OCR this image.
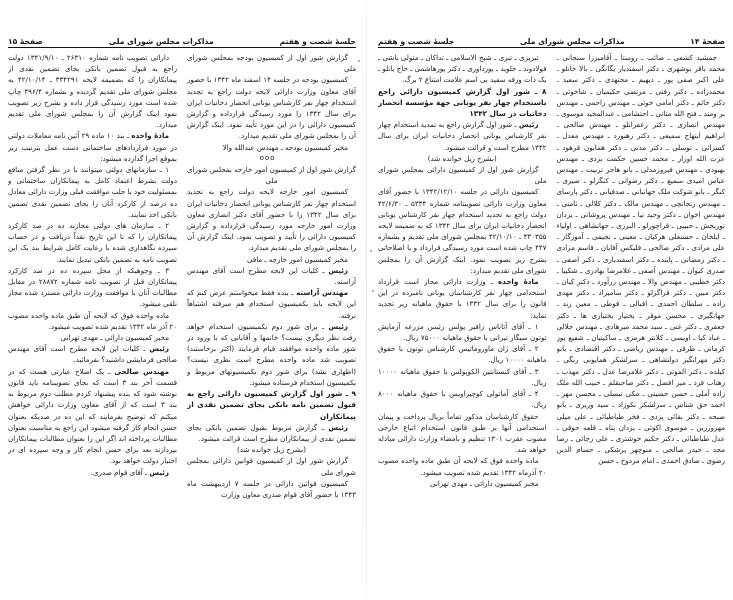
صفحهٔ ۱۵	مذاکرات مجلس شورای ملی	جلسهٔ شصت و هفتم

گزارش شور اول از کمیسیون بودجه بمجلس شورای ملی

کمیسیون بودجه در جلسه ۱۴ اسفند ماه ۱۳۴۲ با حضور آقای معاون وزارت دارائی لایحه دولت راجع به تجدید استخدام چهار نفر کارشناس یونانی انحصار دخانیات ایران برای سال ۱۳۴۲ را مورد رسیدگی قرارداده و گزارش کمیسیون دارائی را در این مورد تأیید نمود. اینک گزارش آن را بمجلس شورای ملی تقدیم میدارد.

مخبر کمیسیون بودجه ـ مهندس عبدالله والا

ooo

گزارش شور اول از کمیسیون امور خارجه بمجلس شورای ملی

کمیسیون امور خارجه لایحه دولت راجع به تجدید استخدام چهار نفر کارشناس یونانی انحصار دخانیات ایران برای سال ۱۳۴۲ را با حضور آقای دکتر انصاری معاون وزارت امور خارجه مورد رسیدگی قرارداده و گزارش کمیسیون دارائی را تأیید و تصویب نمود. اینک گزارش آن را بمجلس شورای ملی تقدیم میدارد.

مخبر کمیسیون امور خارجه ـ مافی

رئیس ـ کلیات این لایحه مطرح است آقای مهندس آراسته.

مهندس آراسته ـ بنده فقط میخواستم عرض کنم که این لایحه باید بکمیسیون استخدام هم میرفته اشتباهاً نرفته.

رئیس ـ برای شور دوم بکمیسیون استخدام خواهد رفت نظر دیگری نیست؟ خانمها و آقایانی که با ورود در شور ماده واحده موافقند قیام فرمایند (اکثر برخاستند) تصویب شد ماده واحده مطرح است نظری نیست؟ (اظهاری نشد) برای شور دوم بکمیسیونهای مربوط و بکمیسیون استخدام فرستاده میشود.

۹ ـ شور اول گزارش کمیسیون دارائی راجع به قبول تضمین نامه بانکی بجای تضمین نقدی از پیمانکاران

رئیس ـ گزارش مربوط بقبول تضمین بانکی بجای تضمین نقدی از پیمانکاران مطرح است قرائت میشود.

(بشرح زیل خوانده شد)

گزارش شور اول از کمیسیون قوانین دارائی بمجلس شورای ملی

کمیسیون قوانین دارائی در جلسه ۷ اردیبهشت ماه ۱۳۴۳ با حضور آقای قوام صدری معاون وزارت

دارائی تصویب نامه شماره ۲۶۳۱۰ ـ ۱۳۴۱/۹/۱۰ دولت راجع به قبول تضمین بانکی بجای تضمین نقدی از پیمانکاران را که بضمیمه لایحه ۳۳۴۲۹۱ ـ ۴۲/۱۰/۱۴ به مجلس شورای ملی تقدیم گردیده و بشماره ۴۹۶/۴ چاپ شده است مورد رسیدگی قرار داده و بشرح زیر تصویب نمود اینک گزارش آن را بمجلس شورای ملی تقدیم میدارد.

مادهٔ واحده ـ بند ۱۰ ماده ۲۹ آئین نامه معاملات دولتی در مورد قراردادهای ساختمانی دست عمل بترتیب زیر بموقع اجرا گذارده میشود:

۱ ـ سازمانهای دولتی میتوانند با در نظر گرفتن منافع دولت بشرط اعتماد کامل به پیمانکاران ساختمانی و بمسئولیت خود با جلب موافقت قبلی وزارت دارائی معادل ده درصد از کارکرد آنان را بجای تضمین نقدی تضمین بانکی اخذ نمایند.

۲ ـ سازمان های دولتی مجازند ده در صد کارکرد پیمانکاران را که تا این تاریخ نقداً دریافت و در حساب سپرده نگاهداری شده با رعایت کامل شرایط بند یک این تصویب نامه به تضمین بانکی تبدیل نمایند.

۳ ـ وجوهیکه از محل سپرده ده در صد کارکرد پیمانکاران قبل از تصویب نامه شماره ۲۸۸۷۲ در مقابل مطالبات آنان با موافقت وزارت دارائی مسترد شده مجاز تلقی میشود.

ماده واحده فوق که لایحه آن طبق ماده واحده مصوب ۲۰ آذر ماه ۱۳۴۲ تقدیم شده تصویب میشود.

مخبر کمیسیون دارائی ـ مهدی تهرانی

رئیس ـ کلیات این لایحه مطرح است آقای مهندس صالحی فرمایشی داشتید؟ بفرمائید.

مهندس صالحی ـ یک اصلاح عبارتی هست که در قسمت آخر بند ۳ است که بجای تصویبنامه باید قانون نوشته شود که بنده پیشنهاد کردم مطلب دوم مربوط به بند ۳ است که از آقای معاون وزارت دارائی خواهش میکنم که توضیح بفرمایند که این ده در صدیکه بعنوان حسن انجام کار گرفته میشود این راجع به متاسبت بعنوان مطالبات پرداخته اند اگر این را بعنوان مطالبات پیمانکاران بپردازند بعد برای حسن انجام کار و وجه سپرده ای در اختیار دولت خواهد بود.

رئیس ـ آقای قوام صدری.

جلسهٔ شصت و هفتم	مذاکرات مجلس شورای ملی	صفحهٔ ۱۴

جمشید کشفی ـ صائب ـ روستا ـ آقامیرزا سنجانی ـ محمد باقر بوشهری ـ دکتر اسفندیار یگانگی ـ بالا خانلو ـ علی اکبر صفی پور ـ دیهیم ـ مجتهدی ـ دکتر سعید ـ محمدزاده ـ دکتر رفتی ـ مرتضی حکیمیان ـ شاخوئی ـ دکتر حائم ـ دکتر امامی خوئی ـ مهندس راحمی ـ مهندس بر ومند ـ فتح الله متانی ـ احتشامی ـ عبدالمجید موسوی ـ مهندس انصاری ـ دکتر زعفرانلو ـ مهندس صالحی ـ ابراهیم ابتهاج سمیعی ـ دکتر رهنورد ـ مهندس معدل ـ کسرائی ـ توسلی ـ دکتر مدنی ـ دکتر همایون فرهود ـ عزت الله اوزار ـ محمد حسین حکمت یزدی ـ مهندس بهبودی ـ مهندس فیروزمدلی ـ بانو هاجر تربیت ـ مهندس عباس امیدی سمیع ـ دکتر رضوانی ـ کنگرلو ـ صیری ـ کنگر ـ بانو شوکت ملک جهانبانی ـ صدقیانی ـ دکتر پارسای ـ مهندس زنجانچی ـ مهندس مالک ـ دکتر کلالی ـ ثامنی ـ مهندس اخوان ـ دکتر وحید نیا ـ مهندس پروشانی ـ یزدان نوربخش ـ حبیبی ـ قراچورلو ـ البرزی ـ جهانشاهی ـ اولیاء ـ ایلخان ـ حسنعلی هرکیان ـ معینی ـ نجیمی ـ آموزگار ـ علی مرادی ـ دکتر صالحی ـ فلیکس آقایان ـ قاسم مرادی ـ دکتر رمضانی ـ پاینده ـ دکتر اسفندیاری ـ دکتر اصفی ـ صدری کیوان ـ مهندس آصفی ـ غلامرضا بهادری ـ شکیبا ـ دکتر خطیبی ـ مهندس والا ـ مهندس زرآورد ـ دکتر کیان ـ دکتر مبین ـ دکتر قراگزلو ـ دکتر سامیراد ـ دکتر مهدی زاده ـ سلطان احمدی ـ اقبالی ـ قوطی ـ معین زند ـ جهانگیری ـ محسن موقر ـ بختیار بختیاری ها ـ دکتر جعفری ـ دکتر غنی ـ سید محمد میرهادی ـ مهندس جلالی ـ عباد کیا ـ اویسی ـ کلانتر هرمزی ـ ساکینیان ـ شفیع پور کرمانی ـ طرقی ـ مهندس ریاضی ـ دکتر اقتصادی ـ بانو دکتر مهرانگیز دولتشاهی ـ سرلشکر همایونی ریگی ـ کیلده ـ دکتر الموتی ـ دکتر غلامرضا عدل ـ دکتر مهذب ـ زهتاب فرد ـ میر افضل ـ دکتر صاحبقلم ـ حبیب الله ملک زاده آملی ـ حسن حسینی ـ مکی تبسلی ـ محسن مهر ـ احمد حق شناس ـ سرلشکر نکوزاد ـ سید وزیری ـ بانو صبحه ـ دکتر بقائی یزدی ـ فخر طباطبائی ـ علی میلی مهرورزین ـ موسوی اکوئی ـ یزدان پناه ـ قلعه جوقی ـ عدل طباطبائی ـ دکتر حکیم خوشتری ـ علی رجائی ـ رضا مجد ـ حیدر صالحی ـ منوچهر پزشکی ـ حسام الدین رضوی ـ صادق احمدی ـ امام مردوخ ـ حسن

تبریزی ـ تبری ـ شیخ الاسلامی ـ تداکان ـ متولی باشی ـ فولادوند ـ جلوید ـ پورداوری ـ دکتر پورهاشمی ـ حاج بانلو ـ یک ذات ورقه سفید بی اسم علامت امتناع ۲ برگ.

۸ ـ شور اول گزارش کمیسیون دارائی راجع باستخدام چهار نفر یونانی جهة مؤسسه انحصار دخانیات در سال ۱۳۴۲

رئیس ـ شور اول گزارش راجع به تمدید استخدام چهار نفر کارشناس یونانی انحصار دخانیات ایران برای سال ۱۳۴۲ مطرح است و قرائت میشود.

(بشرح زیل خوانده شد)

گزارش شور اول از کمیسیون دارائی بمجلس شورای ملی

کمیسیون دارائی در جلسه ۱۳۴۲/۱۲/۱۰ با حضور آقای معاون وزارت دارائی تصویبنامه شماره ۵۳۳۴ ـ ۴۲/۶/۳۰ دولت راجع به تجدید استخدام چهار نفر کارشناس یونانی انحصار دخانیات ایران برای سال ۱۳۴۲ که به ضمیمه لایحه ۳۳۰۳۵۵ ـ ۴۲/۱۰/۱۰ بمجلس شورای ملی تقدیم و بشماره ۴۴۷ چاپ شده است مورد رسیدگی قرارداد و با اصلاحاتی بشرح زیر تصویب نمود. اینک گزارش آن را بمجلس شورای ملی تقدیم میدارد:

مادهٔ واحده ـ وزارت دارائی مجاز است قرارداد استخدامی چهار نفر کارشناسان یونانی نامبرده در این قانون را برای سال ۱۳۴۲ با حقوق ماهیانه زیر تجدید نماید:

۱ ـ آقای آتاناس زافیر پولس رئیس مزرعه آزمایش توتون سیگار تیرانی با حقوق ماهیانه ۷۵۰۰۰ ریال.

۲ ـ آقای ژان ماوروماتیس کارشناس توتون با حقوق ماهیانه ۱۰۰۰۰ ریال.

۳ ـ آقای کنستانتین الکوپولس با حقوق ماهیانه ۱۰۰۰۰ ریال.

۴ ـ آقای آماتولی کوچیراویس با حقوق ماهیانه ۸۰۰۰ ریال.

حقوق کارشناسان مذکور تماماً بریال پرداخت و پیمان استخدامی آنها بر طبق قانون استخدام اتباع خارجی مصوب عقرب ۱۳۰۱ تنظیم و بامضاء وزارت دارائی مبادله خواهد شد.

ماده واحده فوق که لایحه آن طبق ماده واحده مصوب ۲۰ آذرماه ۱۳۴۲ تقدیم شده تصویب میشود.

مخبر کمیسیون دارائی ـ مهدی تهرانی
